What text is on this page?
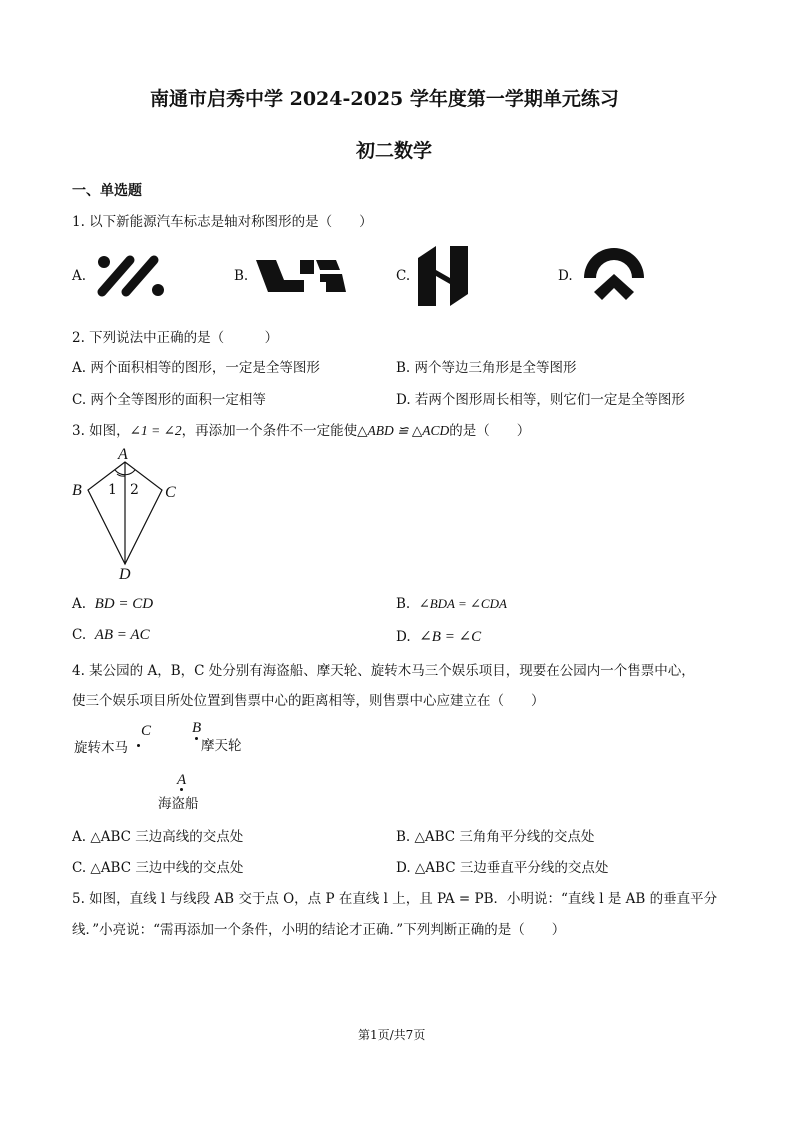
南通市启秀中学 2024-2025 学年度第一学期单元练习
初二数学
一、单选题
1. 以下新能源汽车标志是轴对称图形的是（　　）
A.	B.	C.	D.
2. 下列说法中正确的是（　　　）
A. 两个面积相等的图形，一定是全等图形	B. 两个等边三角形是全等图形
C. 两个全等图形的面积一定相等	D. 若两个图形周长相等，则它们一定是全等图形
3. 如图，∠1 = ∠2，再添加一个条件不一定能使△ABD ≌ △ACD的是（　　）
A
B	C
D
1 2
A. BD = CD	B. ∠BDA = ∠CDA
C. AB = AC	D. ∠B = ∠C
4. 某公园的 A，B，C 处分别有海盗船、摩天轮、旋转木马三个娱乐项目，现要在公园内一个售票中心，
使三个娱乐项目所处位置到售票中心的距离相等，则售票中心应建立在（　　）
旋转木马
C	B
摩天轮
A
海盗船
A. △ABC 三边高线的交点处	B. △ABC 三角角平分线的交点处
C. △ABC 三边中线的交点处	D. △ABC 三边垂直平分线的交点处
5. 如图，直线 l 与线段 AB 交于点 O，点 P 在直线 l 上，且 PA = PB．小明说：“直线 l 是 AB 的垂直平分
线．”小亮说：“需再添加一个条件，小明的结论才正确．”下列判断正确的是（　　）
第1页/共7页
